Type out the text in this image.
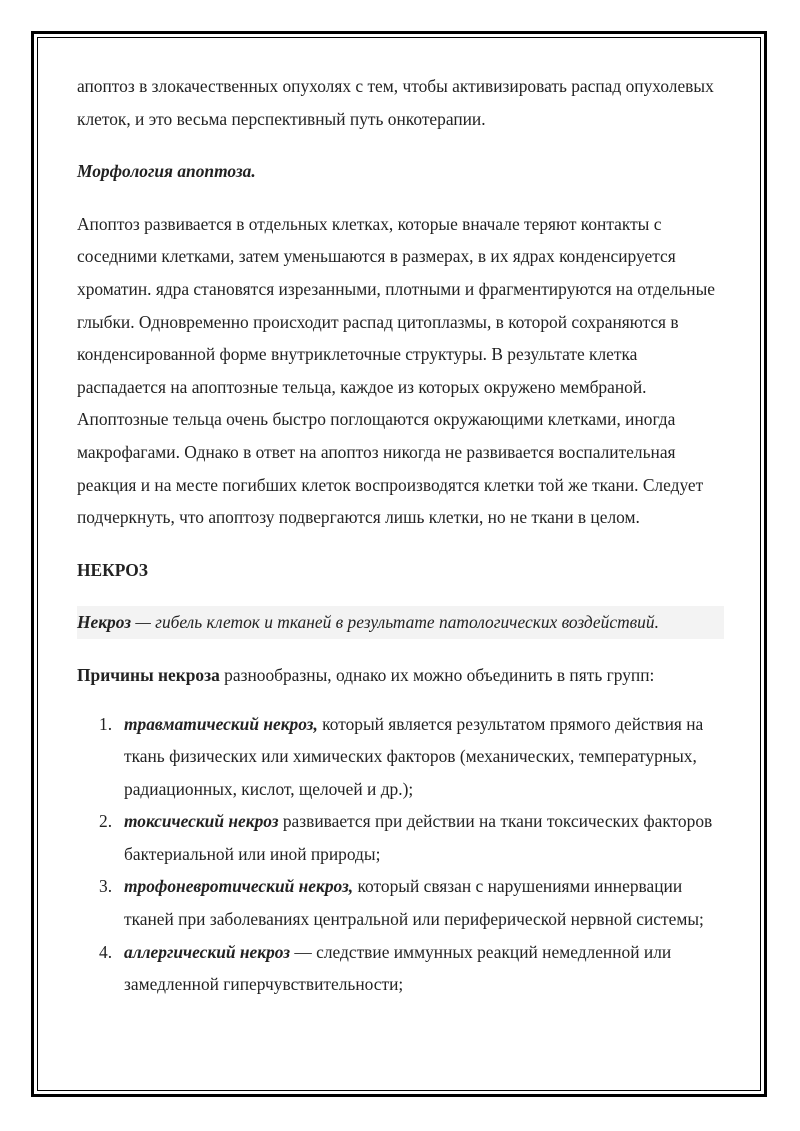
апоптоз в злокачественных опухолях с тем, чтобы активизировать распад опухолевых клеток, и это весьма перспективный путь онкотерапии.

Морфология апоптоза.

Апоптоз развивается в отдельных клетках, которые вначале теряют контакты с соседними клетками, затем уменьшаются в размерах, в их ядрах конденсируется хроматин. ядра становятся изрезанными, плотными и фрагментируются на отдельные глыбки. Одновременно происходит распад цитоплазмы, в которой сохраняются в конденсированной форме внутриклеточные структуры. В результате клетка распадается на апоптозные тельца, каждое из которых окружено мембраной. Апоптозные тельца очень быстро поглощаются окружающими клетками, иногда макрофагами. Однако в ответ на апоптоз никогда не развивается воспалительная реакция и на месте погибших клеток воспроизводятся клетки той же ткани. Следует подчеркнуть, что апоптозу подвергаются лишь клетки, но не ткани в целом.

НЕКРОЗ

Некроз — гибель клеток и тканей в результате патологических воздействий.

Причины некроза разнообразны, однако их можно объединить в пять групп:

1. травматический некроз, который является результатом прямого действия на ткань физических или химических факторов (механических, температурных, радиационных, кислот, щелочей и др.);
2. токсический некроз развивается при действии на ткани токсических факторов бактериальной или иной природы;
3. трофоневротический некроз, который связан с нарушениями иннервации тканей при заболеваниях центральной или периферической нервной системы;
4. аллергический некроз — следствие иммунных реакций немедленной или замедленной гиперчувствительности;
